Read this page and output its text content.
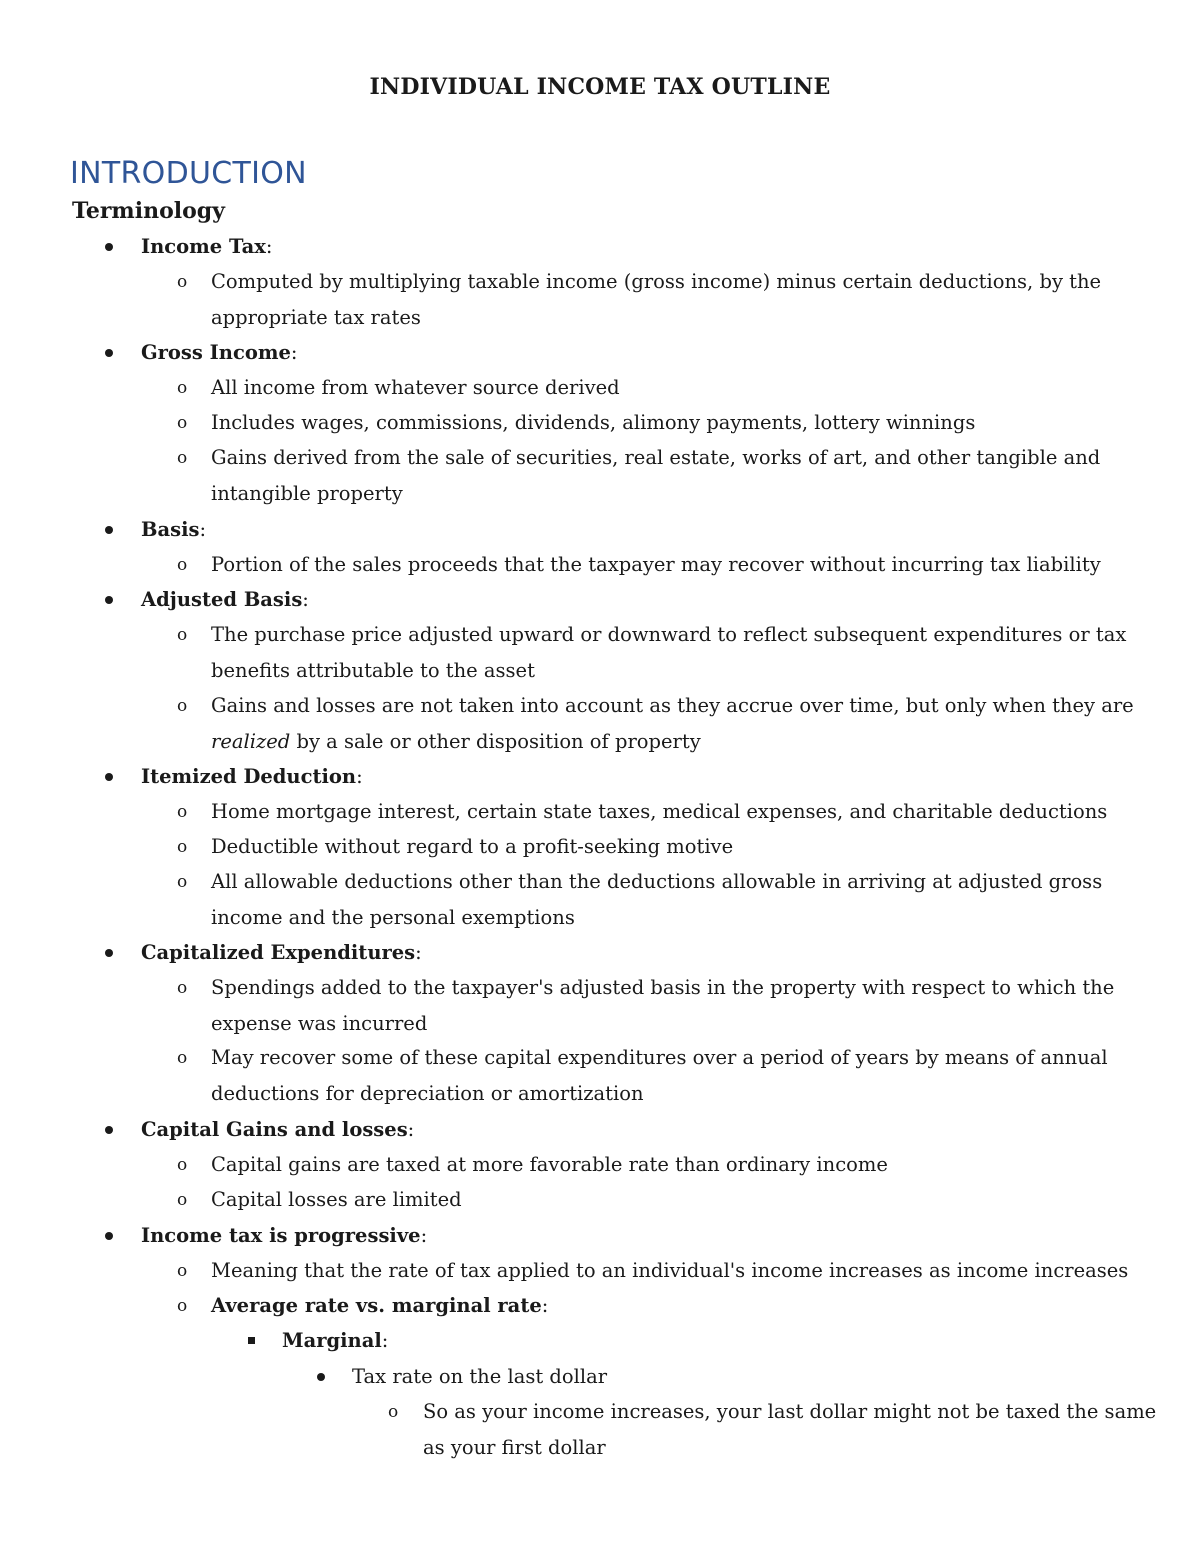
INDIVIDUAL INCOME TAX OUTLINE
INTRODUCTION
Terminology
Income Tax:
o Computed by multiplying taxable income (gross income) minus certain deductions, by the
appropriate tax rates
Gross Income:
o All income from whatever source derived
o Includes wages, commissions, dividends, alimony payments, lottery winnings
o Gains derived from the sale of securities, real estate, works of art, and other tangible and
intangible property
Basis:
o Portion of the sales proceeds that the taxpayer may recover without incurring tax liability
Adjusted Basis:
o The purchase price adjusted upward or downward to reflect subsequent expenditures or tax
benefits attributable to the asset
o Gains and losses are not taken into account as they accrue over time, but only when they are
realized by a sale or other disposition of property
Itemized Deduction:
o Home mortgage interest, certain state taxes, medical expenses, and charitable deductions
o Deductible without regard to a profit-seeking motive
o All allowable deductions other than the deductions allowable in arriving at adjusted gross
income and the personal exemptions
Capitalized Expenditures:
o Spendings added to the taxpayer's adjusted basis in the property with respect to which the
expense was incurred
o May recover some of these capital expenditures over a period of years by means of annual
deductions for depreciation or amortization
Capital Gains and losses:
o Capital gains are taxed at more favorable rate than ordinary income
o Capital losses are limited
Income tax is progressive:
o Meaning that the rate of tax applied to an individual's income increases as income increases
o Average rate vs. marginal rate:
Marginal:
Tax rate on the last dollar
o So as your income increases, your last dollar might not be taxed the same
as your first dollar
